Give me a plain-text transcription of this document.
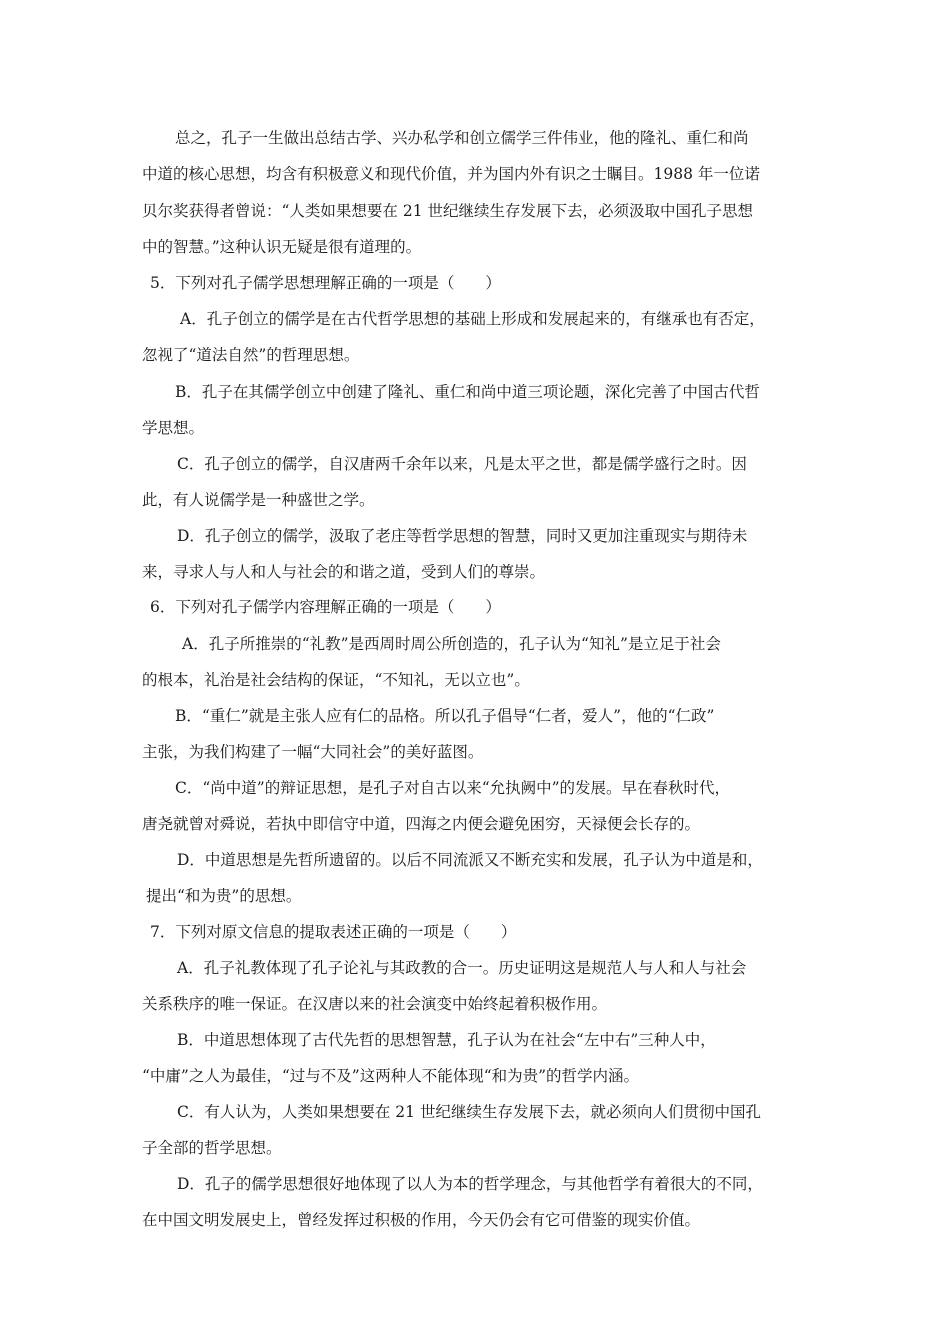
总之，孔子一生做出总结古学、兴办私学和创立儒学三件伟业，他的隆礼、重仁和尚
中道的核心思想，均含有积极意义和现代价值，并为国内外有识之士瞩目。1988 年一位诺
贝尔奖获得者曾说：“人类如果想要在 21 世纪继续生存发展下去，必须汲取中国孔子思想
中的智慧。”这种认识无疑是很有道理的。
5．下列对孔子儒学思想理解正确的一项是（　　）
A．孔子创立的儒学是在古代哲学思想的基础上形成和发展起来的，有继承也有否定，
忽视了“道法自然”的哲理思想。
B．孔子在其儒学创立中创建了隆礼、重仁和尚中道三项论题，深化完善了中国古代哲
学思想。
C．孔子创立的儒学，自汉唐两千余年以来，凡是太平之世，都是儒学盛行之时。因
此，有人说儒学是一种盛世之学。
D．孔子创立的儒学，汲取了老庄等哲学思想的智慧，同时又更加注重现实与期待未
来，寻求人与人和人与社会的和谐之道，受到人们的尊崇。
6．下列对孔子儒学内容理解正确的一项是（　　）
A．孔子所推崇的“礼教”是西周时周公所创造的，孔子认为“知礼”是立足于社会
的根本，礼治是社会结构的保证，“不知礼，无以立也”。
B．“重仁”就是主张人应有仁的品格。所以孔子倡导“仁者，爱人”，他的“仁政”
主张，为我们构建了一幅“大同社会”的美好蓝图。
C．“尚中道”的辩证思想，是孔子对自古以来“允执阙中”的发展。早在春秋时代，
唐尧就曾对舜说，若执中即信守中道，四海之内便会避免困穷，天禄便会长存的。
D．中道思想是先哲所遗留的。以后不同流派又不断充实和发展，孔子认为中道是和，
提出“和为贵”的思想。
7．下列对原文信息的提取表述正确的一项是（　　）
A．孔子礼教体现了孔子论礼与其政教的合一。历史证明这是规范人与人和人与社会
关系秩序的唯一保证。在汉唐以来的社会演变中始终起着积极作用。
B．中道思想体现了古代先哲的思想智慧，孔子认为在社会“左中右”三种人中，
“中庸”之人为最佳，“过与不及”这两种人不能体现“和为贵”的哲学内涵。
C．有人认为，人类如果想要在 21 世纪继续生存发展下去，就必须向人们贯彻中国孔
子全部的哲学思想。
D．孔子的儒学思想很好地体现了以人为本的哲学理念，与其他哲学有着很大的不同，
在中国文明发展史上，曾经发挥过积极的作用，今天仍会有它可借鉴的现实价值。
